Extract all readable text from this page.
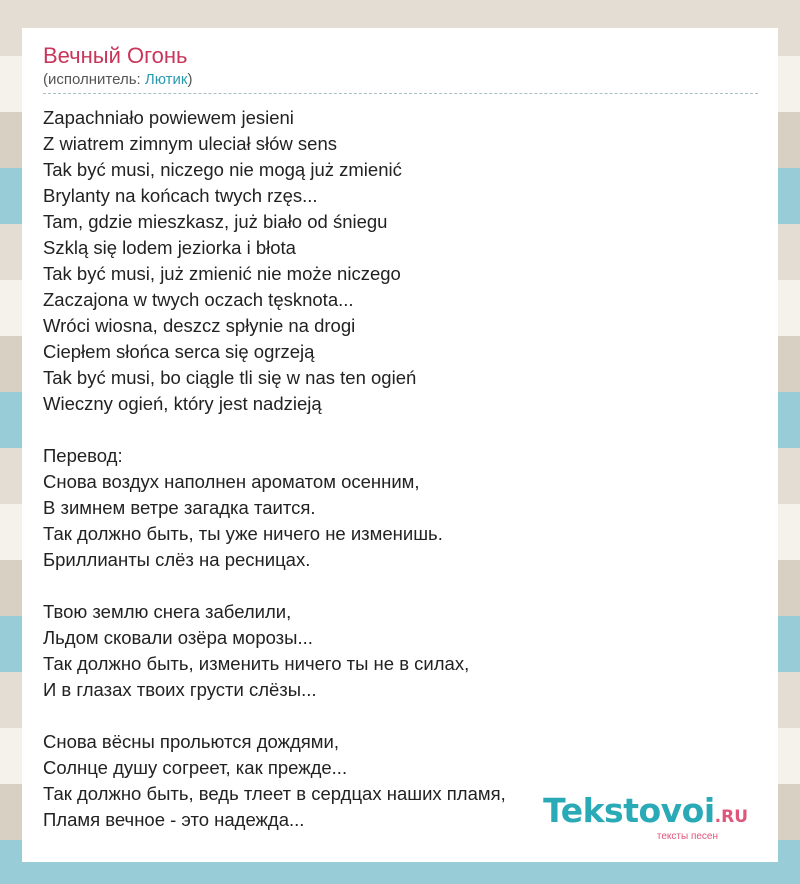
Вечный Огонь
(исполнитель: Лютик)
Zapachniało powiewem jesieni
Z wiatrem zimnym uleciał słów sens
Tak być musi, niczego nie mogą już zmienić
Brylanty na końcach twych rzęs...
Tam, gdzie mieszkasz, już biało od śniegu
Szklą się lodem jeziorka i błota
Tak być musi, już zmienić nie może niczego
Zaczajona w twych oczach tęsknota...
Wróci wiosna, deszcz spłynie na drogi
Ciepłem słońca serca się ogrzeją
Tak być musi, bo ciągle tli się w nas ten ogień
Wieczny ogień, który jest nadzieją
Перевод:
Снова воздух наполнен ароматом осенним,
В зимнем ветре загадка таится.
Так должно быть, ты уже ничего не изменишь.
Бриллианты слёз на ресницах.
Твою землю снега забелили,
Льдом сковали озёра морозы...
Так должно быть, изменить ничего ты не в силах,
И в глазах твоих грусти слёзы...
Снова вёсны прольются дождями,
Солнце душу согреет, как прежде...
Так должно быть, ведь тлеет в сердцах наших пламя,
Пламя вечное - это надежда...	Tekstovoi.RU
тексты песен
